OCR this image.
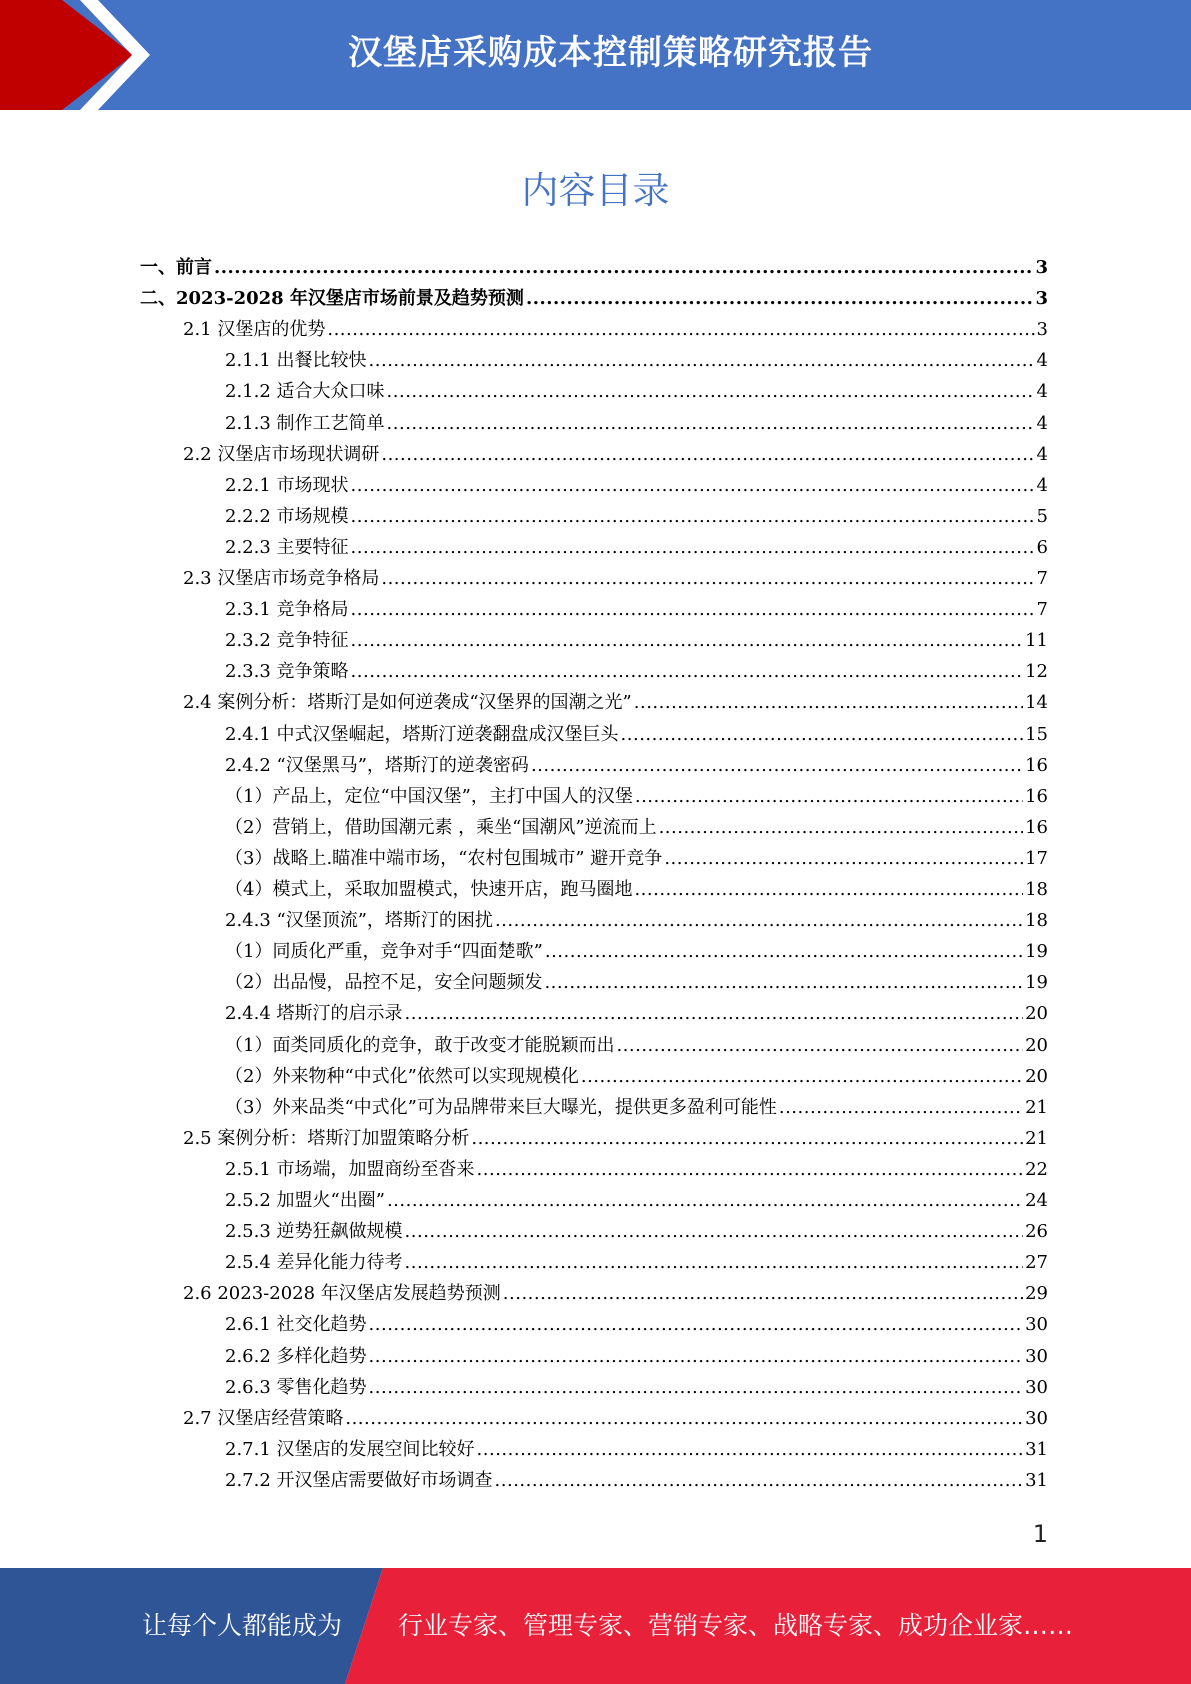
汉堡店采购成本控制策略研究报告
内容目录
一、前言 .....	3
二、2023-2028 年汉堡店市场前景及趋势预测 .....	3
2.1 汉堡店的优势 .....	3
2.1.1 出餐比较快 .....	4
2.1.2 适合大众口味 .....	4
2.1.3 制作工艺简单 .....	4
2.2 汉堡店市场现状调研 .....	4
2.2.1 市场现状 .....	4
2.2.2 市场规模 .....	5
2.2.3 主要特征 .....	6
2.3 汉堡店市场竞争格局 .....	7
2.3.1 竞争格局 .....	7
2.3.2 竞争特征 .....	11
2.3.3 竞争策略 .....	12
2.4 案例分析：塔斯汀是如何逆袭成“汉堡界的国潮之光” .....	14
2.4.1 中式汉堡崛起，塔斯汀逆袭翻盘成汉堡巨头 .....	15
2.4.2 “汉堡黑马”，塔斯汀的逆袭密码 .....	16
（1）产品上，定位“中国汉堡”，主打中国人的汉堡 .....	16
（2）营销上，借助国潮元素 ，乘坐“国潮风”逆流而上 .....	16
（3）战略上.瞄准中端市场，“农村包围城市” 避开竞争 .....	17
（4）模式上，采取加盟模式，快速开店，跑马圈地 .....	18
2.4.3 “汉堡顶流”，塔斯汀的困扰 .....	18
（1）同质化严重，竞争对手“四面楚歌” .....	19
（2）出品慢，品控不足，安全问题频发 .....	19
2.4.4 塔斯汀的启示录 .....	20
（1）面类同质化的竞争，敢于改变才能脱颖而出 .....	20
（2）外来物种“中式化”依然可以实现规模化 .....	20
（3）外来品类“中式化”可为品牌带来巨大曝光，提供更多盈利可能性 .....	21
2.5 案例分析：塔斯汀加盟策略分析 .....	21
2.5.1 市场端，加盟商纷至沓来 .....	22
2.5.2 加盟火“出圈” .....	24
2.5.3 逆势狂飙做规模 .....	26
2.5.4 差异化能力待考 .....	27
2.6 2023-2028 年汉堡店发展趋势预测 .....	29
2.6.1 社交化趋势 .....	30
2.6.2 多样化趋势 .....	30
2.6.3 零售化趋势 .....	30
2.7 汉堡店经营策略 .....	30
2.7.1 汉堡店的发展空间比较好 .....	31
2.7.2 开汉堡店需要做好市场调查 .....	31
1
让每个人都能成为 行业专家、管理专家、营销专家、战略专家、成功企业家……
